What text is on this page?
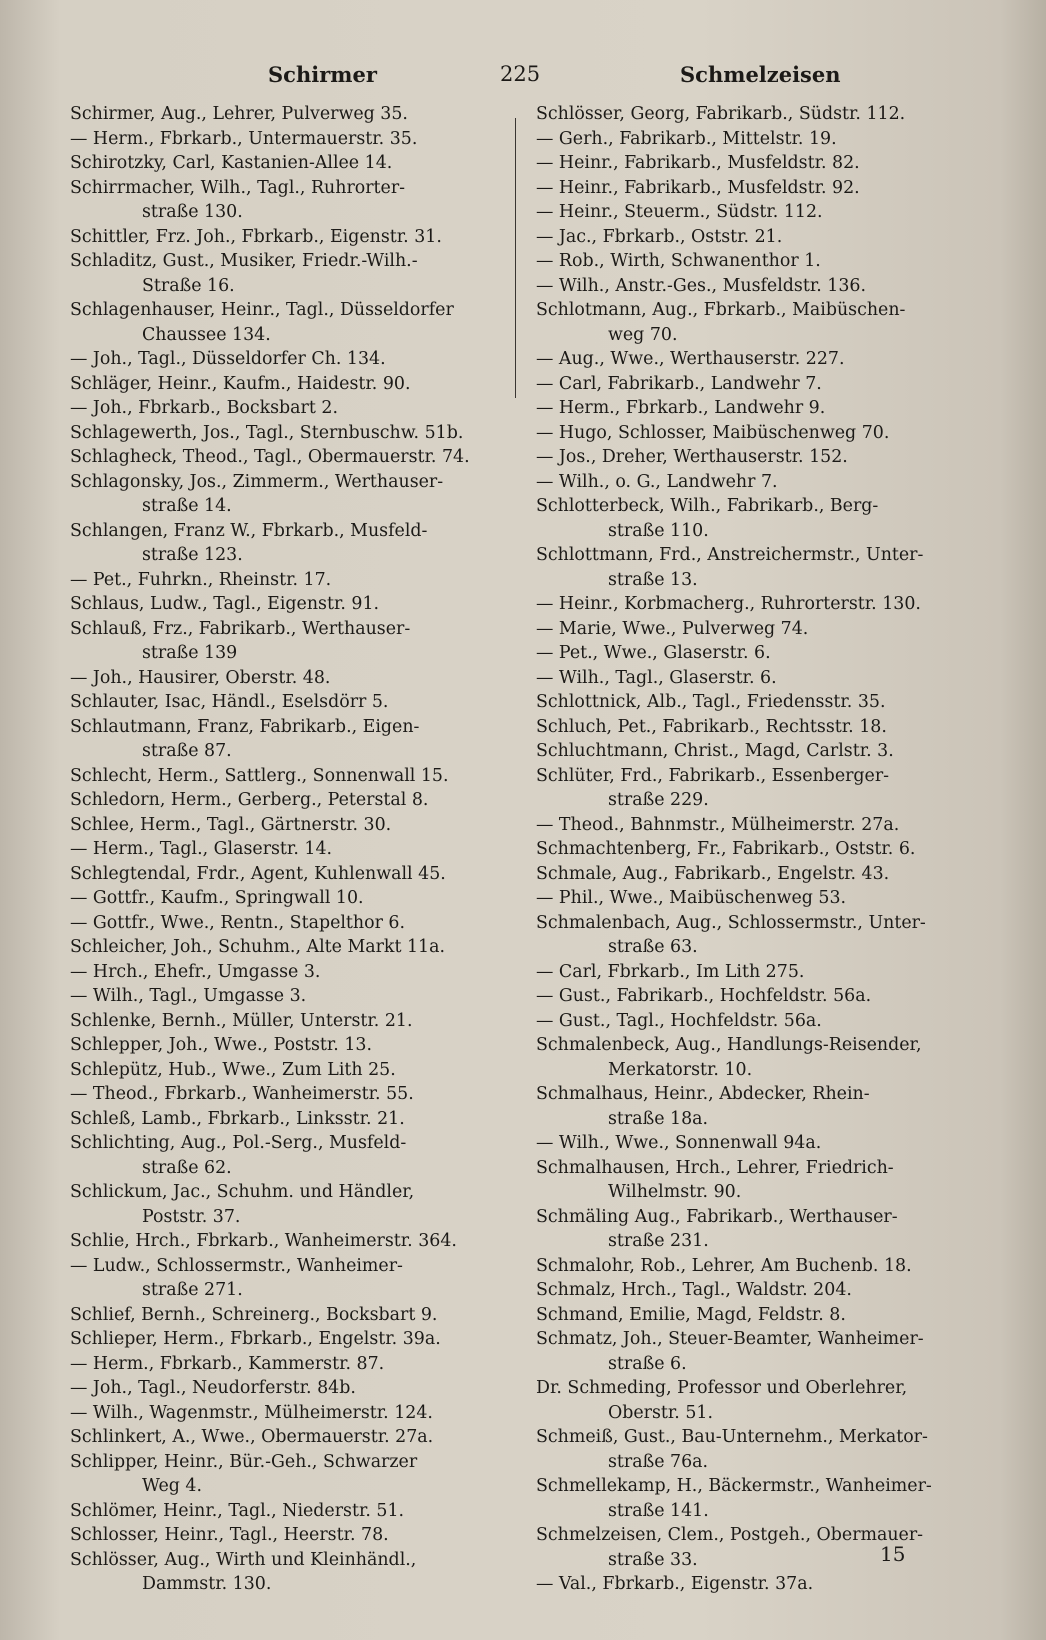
Schirmer	225	Schmelzeisen
Schirmer, Aug., Lehrer, Pulverweg 35.
— Herm., Fbrkarb., Untermauerstr. 35.
Schirotzky, Carl, Kastanien-Allee 14.
Schirrmacher, Wilh., Tagl., Ruhrorter-
straße 130.
Schittler, Frz. Joh., Fbrkarb., Eigenstr. 31.
Schladitz, Gust., Musiker, Friedr.-Wilh.-
Straße 16.
Schlagenhauser, Heinr., Tagl., Düsseldorfer
Chaussee 134.
— Joh., Tagl., Düsseldorfer Ch. 134.
Schläger, Heinr., Kaufm., Haidestr. 90.
— Joh., Fbrkarb., Bocksbart 2.
Schlagewerth, Jos., Tagl., Sternbuschw. 51b.
Schlagheck, Theod., Tagl., Obermauerstr. 74.
Schlagonsky, Jos., Zimmerm., Werthauser-
straße 14.
Schlangen, Franz W., Fbrkarb., Musfeld-
straße 123.
— Pet., Fuhrkn., Rheinstr. 17.
Schlaus, Ludw., Tagl., Eigenstr. 91.
Schlauß, Frz., Fabrikarb., Werthauser-
straße 139
— Joh., Hausirer, Oberstr. 48.
Schlauter, Isac, Händl., Eselsdörr 5.
Schlautmann, Franz, Fabrikarb., Eigen-
straße 87.
Schlecht, Herm., Sattlerg., Sonnenwall 15.
Schledorn, Herm., Gerberg., Peterstal 8.
Schlee, Herm., Tagl., Gärtnerstr. 30.
— Herm., Tagl., Glaserstr. 14.
Schlegtendal, Frdr., Agent, Kuhlenwall 45.
— Gottfr., Kaufm., Springwall 10.
— Gottfr., Wwe., Rentn., Stapelthor 6.
Schleicher, Joh., Schuhm., Alte Markt 11a.
— Hrch., Ehefr., Umgasse 3.
— Wilh., Tagl., Umgasse 3.
Schlenke, Bernh., Müller, Unterstr. 21.
Schlepper, Joh., Wwe., Poststr. 13.
Schlepütz, Hub., Wwe., Zum Lith 25.
— Theod., Fbrkarb., Wanheimerstr. 55.
Schleß, Lamb., Fbrkarb., Linksstr. 21.
Schlichting, Aug., Pol.-Serg., Musfeld-
straße 62.
Schlickum, Jac., Schuhm. und Händler,
Poststr. 37.
Schlie, Hrch., Fbrkarb., Wanheimerstr. 364.
— Ludw., Schlossermstr., Wanheimer-
straße 271.
Schlief, Bernh., Schreinerg., Bocksbart 9.
Schlieper, Herm., Fbrkarb., Engelstr. 39a.
— Herm., Fbrkarb., Kammerstr. 87.
— Joh., Tagl., Neudorferstr. 84b.
— Wilh., Wagenmstr., Mülheimerstr. 124.
Schlinkert, A., Wwe., Obermauerstr. 27a.
Schlipper, Heinr., Bür.-Geh., Schwarzer
Weg 4.
Schlömer, Heinr., Tagl., Niederstr. 51.
Schlosser, Heinr., Tagl., Heerstr. 78.
Schlösser, Aug., Wirth und Kleinhändl.,
Dammstr. 130.
Schlösser, Georg, Fabrikarb., Südstr. 112.
— Gerh., Fabrikarb., Mittelstr. 19.
— Heinr., Fabrikarb., Musfeldstr. 82.
— Heinr., Fabrikarb., Musfeldstr. 92.
— Heinr., Steuerm., Südstr. 112.
— Jac., Fbrkarb., Oststr. 21.
— Rob., Wirth, Schwanenthor 1.
— Wilh., Anstr.-Ges., Musfeldstr. 136.
Schlotmann, Aug., Fbrkarb., Maibüschen-
weg 70.
— Aug., Wwe., Werthauserstr. 227.
— Carl, Fabrikarb., Landwehr 7.
— Herm., Fbrkarb., Landwehr 9.
— Hugo, Schlosser, Maibüschenweg 70.
— Jos., Dreher, Werthauserstr. 152.
— Wilh., o. G., Landwehr 7.
Schlotterbeck, Wilh., Fabrikarb., Berg-
straße 110.
Schlottmann, Frd., Anstreichermstr., Unter-
straße 13.
— Heinr., Korbmacherg., Ruhrorterstr. 130.
— Marie, Wwe., Pulverweg 74.
— Pet., Wwe., Glaserstr. 6.
— Wilh., Tagl., Glaserstr. 6.
Schlottnick, Alb., Tagl., Friedensstr. 35.
Schluch, Pet., Fabrikarb., Rechtsstr. 18.
Schluchtmann, Christ., Magd, Carlstr. 3.
Schlüter, Frd., Fabrikarb., Essenberger-
straße 229.
— Theod., Bahnmstr., Mülheimerstr. 27a.
Schmachtenberg, Fr., Fabrikarb., Oststr. 6.
Schmale, Aug., Fabrikarb., Engelstr. 43.
— Phil., Wwe., Maibüschenweg 53.
Schmalenbach, Aug., Schlossermstr., Unter-
straße 63.
— Carl, Fbrkarb., Im Lith 275.
— Gust., Fabrikarb., Hochfeldstr. 56a.
— Gust., Tagl., Hochfeldstr. 56a.
Schmalenbeck, Aug., Handlungs-Reisender,
Merkatorstr. 10.
Schmalhaus, Heinr., Abdecker, Rhein-
straße 18a.
— Wilh., Wwe., Sonnenwall 94a.
Schmalhausen, Hrch., Lehrer, Friedrich-
Wilhelmstr. 90.
Schmäling Aug., Fabrikarb., Werthauser-
straße 231.
Schmalohr, Rob., Lehrer, Am Buchenb. 18.
Schmalz, Hrch., Tagl., Waldstr. 204.
Schmand, Emilie, Magd, Feldstr. 8.
Schmatz, Joh., Steuer-Beamter, Wanheimer-
straße 6.
Dr. Schmeding, Professor und Oberlehrer,
Oberstr. 51.
Schmeiß, Gust., Bau-Unternehm., Merkator-
straße 76a.
Schmellekamp, H., Bäckermstr., Wanheimer-
straße 141.
Schmelzeisen, Clem., Postgeh., Obermauer-
straße 33.
— Val., Fbrkarb., Eigenstr. 37a.
15
